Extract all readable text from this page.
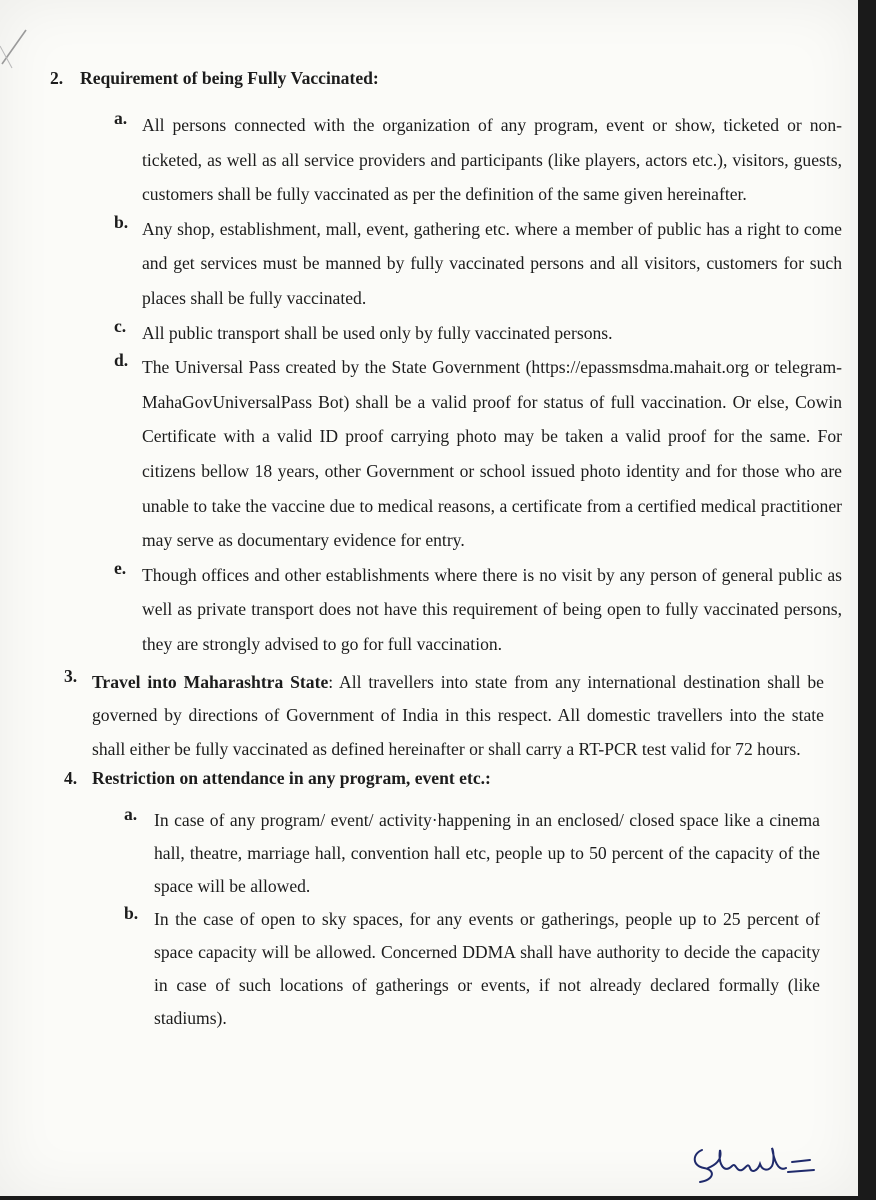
2. Requirement of being Fully Vaccinated:
a. All persons connected with the organization of any program, event or show, ticketed or non-ticketed, as well as all service providers and participants (like players, actors etc.), visitors, guests, customers shall be fully vaccinated as per the definition of the same given hereinafter.
b. Any shop, establishment, mall, event, gathering etc. where a member of public has a right to come and get services must be manned by fully vaccinated persons and all visitors, customers for such places shall be fully vaccinated.
c. All public transport shall be used only by fully vaccinated persons.
d. The Universal Pass created by the State Government (https://epassmsdma.mahait.org or telegram-MahaGovUniversalPass Bot) shall be a valid proof for status of full vaccination. Or else, Cowin Certificate with a valid ID proof carrying photo may be taken a valid proof for the same. For citizens bellow 18 years, other Government or school issued photo identity and for those who are unable to take the vaccine due to medical reasons, a certificate from a certified medical practitioner may serve as documentary evidence for entry.
e. Though offices and other establishments where there is no visit by any person of general public as well as private transport does not have this requirement of being open to fully vaccinated persons, they are strongly advised to go for full vaccination.
3. Travel into Maharashtra State: All travellers into state from any international destination shall be governed by directions of Government of India in this respect. All domestic travellers into the state shall either be fully vaccinated as defined hereinafter or shall carry a RT-PCR test valid for 72 hours.
4. Restriction on attendance in any program, event etc.:
a. In case of any program/ event/ activity·happening in an enclosed/ closed space like a cinema hall, theatre, marriage hall, convention hall etc, people up to 50 percent of the capacity of the space will be allowed.
b. In the case of open to sky spaces, for any events or gatherings, people up to 25 percent of space capacity will be allowed. Concerned DDMA shall have authority to decide the capacity in case of such locations of gatherings or events, if not already declared formally (like stadiums).
